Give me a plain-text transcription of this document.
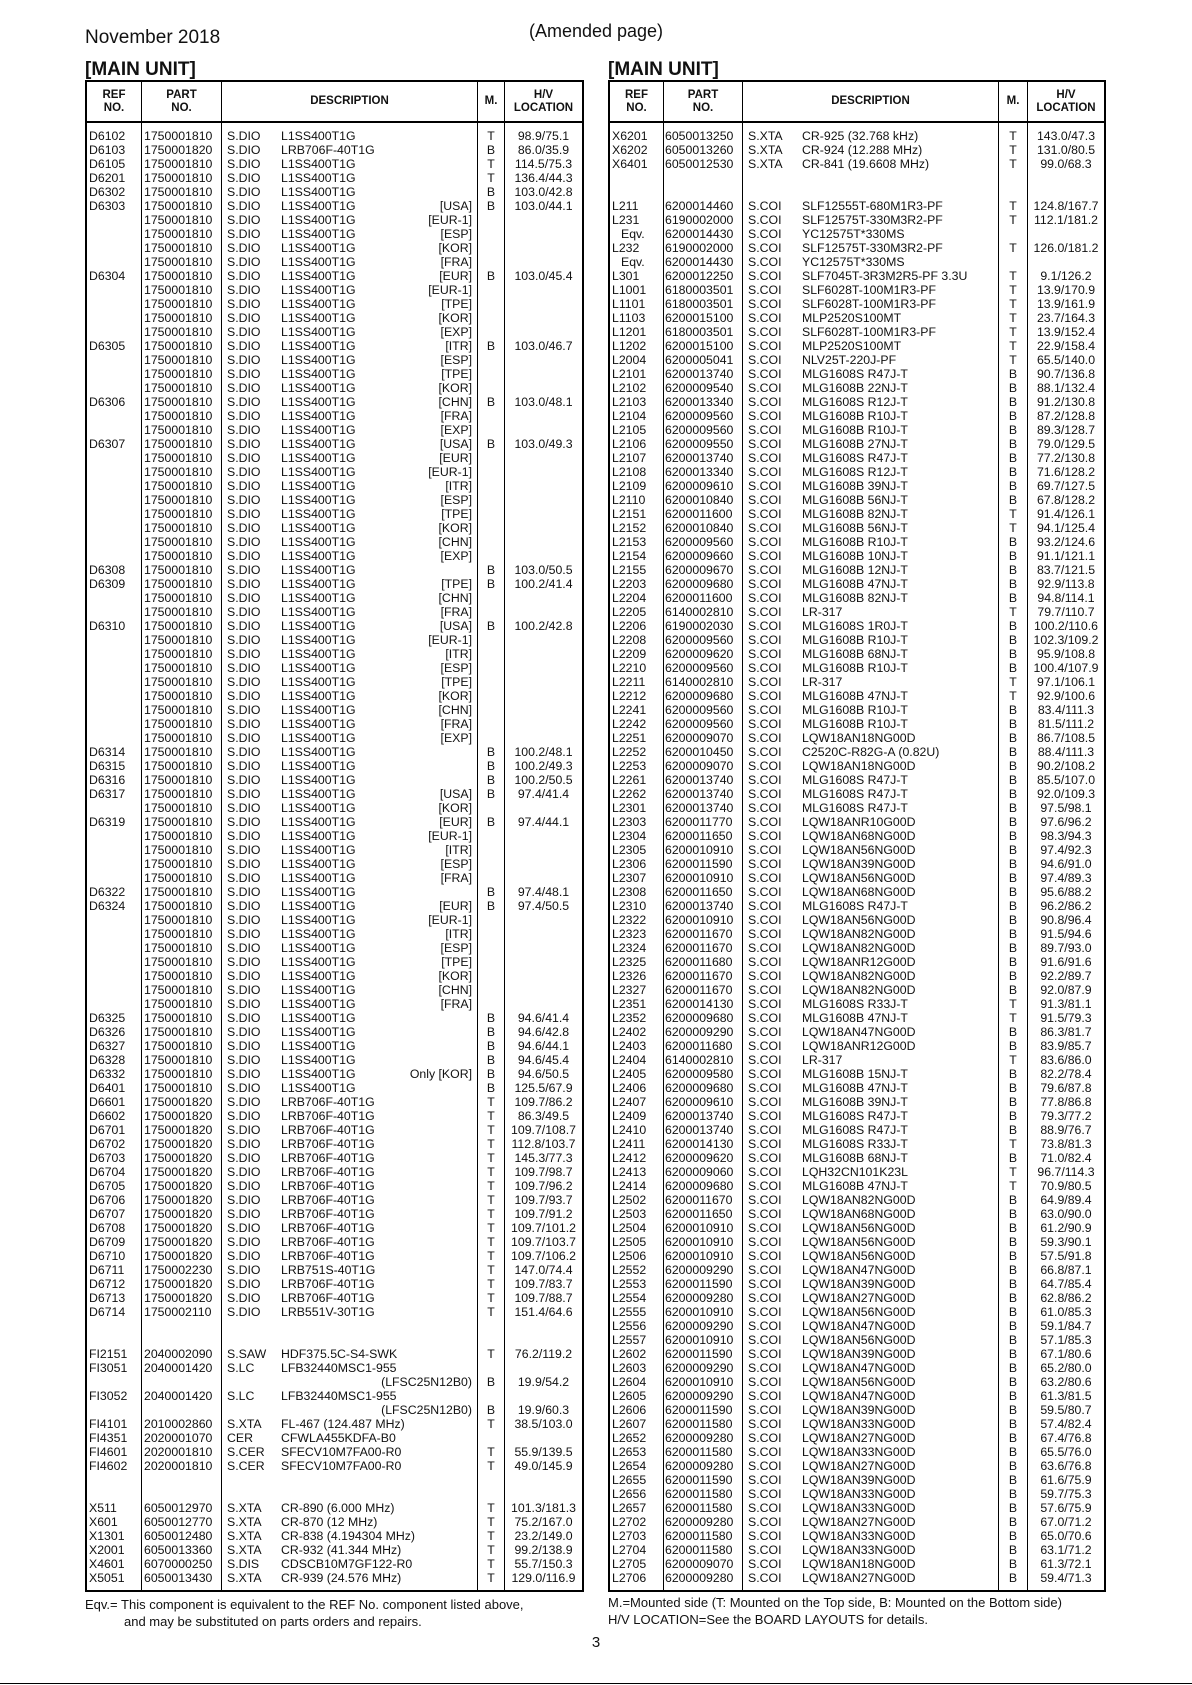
November 2018	(Amended page)
[MAIN UNIT]	[MAIN UNIT]
REF
NO.
PART
NO.
DESCRIPTION	M.
H/V
LOCATION
D6102 1750001810 S.DIO L1SS400T1G	T	98.9/75.1
D6103 1750001820 S.DIO LRB706F-40T1G	B	86.0/35.9
D6105 1750001810 S.DIO L1SS400T1G	T	114.5/75.3
D6201 1750001810 S.DIO L1SS400T1G	T	136.4/44.3
D6302 1750001810 S.DIO L1SS400T1G	B	103.0/42.8
D6303 1750001810 S.DIO L1SS400T1G	[USA]	B	103.0/44.1
1750001810 S.DIO L1SS400T1G	[EUR-1]
1750001810 S.DIO L1SS400T1G	[ESP]
1750001810 S.DIO L1SS400T1G	[KOR]
1750001810 S.DIO L1SS400T1G	[FRA]
D6304 1750001810 S.DIO L1SS400T1G	[EUR]	B	103.0/45.4
1750001810 S.DIO L1SS400T1G	[EUR-1]
1750001810 S.DIO L1SS400T1G	[TPE]
1750001810 S.DIO L1SS400T1G	[KOR]
1750001810 S.DIO L1SS400T1G	[EXP]
D6305 1750001810 S.DIO L1SS400T1G	[ITR]	B	103.0/46.7
1750001810 S.DIO L1SS400T1G	[ESP]
1750001810 S.DIO L1SS400T1G	[TPE]
1750001810 S.DIO L1SS400T1G	[KOR]
D6306 1750001810 S.DIO L1SS400T1G	[CHN]	B	103.0/48.1
1750001810 S.DIO L1SS400T1G	[FRA]
1750001810 S.DIO L1SS400T1G	[EXP]
D6307 1750001810 S.DIO L1SS400T1G	[USA]	B	103.0/49.3
1750001810 S.DIO L1SS400T1G	[EUR]
1750001810 S.DIO L1SS400T1G	[EUR-1]
1750001810 S.DIO L1SS400T1G	[ITR]
1750001810 S.DIO L1SS400T1G	[ESP]
1750001810 S.DIO L1SS400T1G	[TPE]
1750001810 S.DIO L1SS400T1G	[KOR]
1750001810 S.DIO L1SS400T1G	[CHN]
1750001810 S.DIO L1SS400T1G	[EXP]
D6308 1750001810 S.DIO L1SS400T1G	B	103.0/50.5
D6309 1750001810 S.DIO L1SS400T1G	[TPE]	B	100.2/41.4
1750001810 S.DIO L1SS400T1G	[CHN]
1750001810 S.DIO L1SS400T1G	[FRA]
D6310 1750001810 S.DIO L1SS400T1G	[USA]	B	100.2/42.8
1750001810 S.DIO L1SS400T1G	[EUR-1]
1750001810 S.DIO L1SS400T1G	[ITR]
1750001810 S.DIO L1SS400T1G	[ESP]
1750001810 S.DIO L1SS400T1G	[TPE]
1750001810 S.DIO L1SS400T1G	[KOR]
1750001810 S.DIO L1SS400T1G	[CHN]
1750001810 S.DIO L1SS400T1G	[FRA]
1750001810 S.DIO L1SS400T1G	[EXP]
D6314 1750001810 S.DIO L1SS400T1G	B	100.2/48.1
D6315 1750001810 S.DIO L1SS400T1G	B	100.2/49.3
D6316 1750001810 S.DIO L1SS400T1G	B	100.2/50.5
D6317 1750001810 S.DIO L1SS400T1G	[USA]	B	97.4/41.4
1750001810 S.DIO L1SS400T1G	[KOR]
D6319 1750001810 S.DIO L1SS400T1G	[EUR]	B	97.4/44.1
1750001810 S.DIO L1SS400T1G	[EUR-1]
1750001810 S.DIO L1SS400T1G	[ITR]
1750001810 S.DIO L1SS400T1G	[ESP]
1750001810 S.DIO L1SS400T1G	[FRA]
D6322 1750001810 S.DIO L1SS400T1G	B	97.4/48.1
D6324 1750001810 S.DIO L1SS400T1G	[EUR]	B	97.4/50.5
1750001810 S.DIO L1SS400T1G	[EUR-1]
1750001810 S.DIO L1SS400T1G	[ITR]
1750001810 S.DIO L1SS400T1G	[ESP]
1750001810 S.DIO L1SS400T1G	[TPE]
1750001810 S.DIO L1SS400T1G	[KOR]
1750001810 S.DIO L1SS400T1G	[CHN]
1750001810 S.DIO L1SS400T1G	[FRA]
D6325 1750001810 S.DIO L1SS400T1G	B	94.6/41.4
D6326 1750001810 S.DIO L1SS400T1G	B	94.6/42.8
D6327 1750001810 S.DIO L1SS400T1G	B	94.6/44.1
D6328 1750001810 S.DIO L1SS400T1G	B	94.6/45.4
D6332 1750001810 S.DIO L1SS400T1G	Only [KOR]	B	94.6/50.5
D6401 1750001810 S.DIO L1SS400T1G	B	125.5/67.9
D6601 1750001820 S.DIO LRB706F-40T1G	T	109.7/86.2
D6602 1750001820 S.DIO LRB706F-40T1G	T	86.3/49.5
D6701 1750001820 S.DIO LRB706F-40T1G	T	109.7/108.7
D6702 1750001820 S.DIO LRB706F-40T1G	T	112.8/103.7
D6703 1750001820 S.DIO LRB706F-40T1G	T	145.3/77.3
D6704 1750001820 S.DIO LRB706F-40T1G	T	109.7/98.7
D6705 1750001820 S.DIO LRB706F-40T1G	T	109.7/96.2
D6706 1750001820 S.DIO LRB706F-40T1G	T	109.7/93.7
D6707 1750001820 S.DIO LRB706F-40T1G	T	109.7/91.2
D6708 1750001820 S.DIO LRB706F-40T1G	T	109.7/101.2
D6709 1750001820 S.DIO LRB706F-40T1G	T	109.7/103.7
D6710 1750001820 S.DIO LRB706F-40T1G	T	109.7/106.2
D6711 1750002230 S.DIO LRB751S-40T1G	T	147.0/74.4
D6712 1750001820 S.DIO LRB706F-40T1G	T	109.7/83.7
D6713 1750001820 S.DIO LRB706F-40T1G	T	109.7/88.7
D6714 1750002110 S.DIO LRB551V-30T1G	T	151.4/64.6
FI2151 2040002090 S.SAW HDF375.5C-S4-SWK	T	76.2/119.2
FI3051 2040001420 S.LC LFB32440MSC1-955
(LFSC25N12B0)	B	19.9/54.2
FI3052 2040001420 S.LC LFB32440MSC1-955
(LFSC25N12B0)	B	19.9/60.3
FI4101 2010002860 S.XTA FL-467 (124.487 MHz)	T	38.5/103.0
FI4351 2020001070 CER CFWLA455KDFA-B0
FI4601 2020001810 S.CER SFECV10M7FA00-R0	T	55.9/139.5
FI4602 2020001810 S.CER SFECV10M7FA00-R0	T	49.0/145.9
X511 6050012970 S.XTA CR-890 (6.000 MHz)	T	101.3/181.3
X601 6050012770 S.XTA CR-870 (12 MHz)	T	75.2/167.0
X1301 6050012480 S.XTA CR-838 (4.194304 MHz)	T	23.2/149.0
X2001 6050013360 S.XTA CR-932 (41.344 MHz)	T	99.2/138.9
X4601 6070000250 S.DIS CDSCB10M7GF122-R0	T	55.7/150.3
X5051 6050013430 S.XTA CR-939 (24.576 MHz)	T	129.0/116.9
REF
NO.
PART
NO.
DESCRIPTION	M.
H/V
LOCATION
X6201 6050013250 S.XTA CR-925 (32.768 kHz)	T	143.0/47.3
X6202 6050013260 S.XTA CR-924 (12.288 MHz)	T	131.0/80.5
X6401 6050012530 S.XTA CR-841 (19.6608 MHz)	T	99.0/68.3
L211 6200014460 S.COI SLF12555T-680M1R3-PF	T	124.8/167.7
L231 6190002000 S.COI SLF12575T-330M3R2-PF	T	112.1/181.2
Eqv. 6200014430 S.COI YC12575T*330MS
L232 6190002000 S.COI SLF12575T-330M3R2-PF	T	126.0/181.2
Eqv. 6200014430 S.COI YC12575T*330MS
L301 6200012250 S.COI SLF7045T-3R3M2R5-PF 3.3U	T	9.1/126.2
L1001 6180003501 S.COI SLF6028T-100M1R3-PF	T	13.9/170.9
L1101 6180003501 S.COI SLF6028T-100M1R3-PF	T	13.9/161.9
L1103 6200015100 S.COI MLP2520S100MT	T	23.7/164.3
L1201 6180003501 S.COI SLF6028T-100M1R3-PF	T	13.9/152.4
L1202 6200015100 S.COI MLP2520S100MT	T	22.9/158.4
L2004 6200005041 S.COI NLV25T-220J-PF	T	65.5/140.0
L2101 6200013740 S.COI MLG1608S R47J-T	B	90.7/136.8
L2102 6200009540 S.COI MLG1608B 22NJ-T	B	88.1/132.4
L2103 6200013340 S.COI MLG1608S R12J-T	B	91.2/130.8
L2104 6200009560 S.COI MLG1608B R10J-T	B	87.2/128.8
L2105 6200009560 S.COI MLG1608B R10J-T	B	89.3/128.7
L2106 6200009550 S.COI MLG1608B 27NJ-T	B	79.0/129.5
L2107 6200013740 S.COI MLG1608S R47J-T	B	77.2/130.8
L2108 6200013340 S.COI MLG1608S R12J-T	B	71.6/128.2
L2109 6200009610 S.COI MLG1608B 39NJ-T	B	69.7/127.5
L2110 6200010840 S.COI MLG1608B 56NJ-T	B	67.8/128.2
L2151 6200011600 S.COI MLG1608B 82NJ-T	T	91.4/126.1
L2152 6200010840 S.COI MLG1608B 56NJ-T	T	94.1/125.4
L2153 6200009560 S.COI MLG1608B R10J-T	B	93.2/124.6
L2154 6200009660 S.COI MLG1608B 10NJ-T	B	91.1/121.1
L2155 6200009670 S.COI MLG1608B 12NJ-T	B	83.7/121.5
L2203 6200009680 S.COI MLG1608B 47NJ-T	B	92.9/113.8
L2204 6200011600 S.COI MLG1608B 82NJ-T	B	94.8/114.1
L2205 6140002810 S.COI LR-317	T	79.7/110.7
L2206 6190002030 S.COI MLG1608S 1R0J-T	B	100.2/110.6
L2208 6200009560 S.COI MLG1608B R10J-T	B	102.3/109.2
L2209 6200009620 S.COI MLG1608B 68NJ-T	B	95.9/108.8
L2210 6200009560 S.COI MLG1608B R10J-T	B	100.4/107.9
L2211 6140002810 S.COI LR-317	T	97.1/106.1
L2212 6200009680 S.COI MLG1608B 47NJ-T	T	92.9/100.6
L2241 6200009560 S.COI MLG1608B R10J-T	B	83.4/111.3
L2242 6200009560 S.COI MLG1608B R10J-T	B	81.5/111.2
L2251 6200009070 S.COI LQW18AN18NG00D	B	86.7/108.5
L2252 6200010450 S.COI C2520C-R82G-A (0.82U)	B	88.4/111.3
L2253 6200009070 S.COI LQW18AN18NG00D	B	90.2/108.2
L2261 6200013740 S.COI MLG1608S R47J-T	B	85.5/107.0
L2262 6200013740 S.COI MLG1608S R47J-T	B	92.0/109.3
L2301 6200013740 S.COI MLG1608S R47J-T	B	97.5/98.1
L2303 6200011770 S.COI LQW18ANR10G00D	B	97.6/96.2
L2304 6200011650 S.COI LQW18AN68NG00D	B	98.3/94.3
L2305 6200010910 S.COI LQW18AN56NG00D	B	97.4/92.3
L2306 6200011590 S.COI LQW18AN39NG00D	B	94.6/91.0
L2307 6200010910 S.COI LQW18AN56NG00D	B	97.4/89.3
L2308 6200011650 S.COI LQW18AN68NG00D	B	95.6/88.2
L2310 6200013740 S.COI MLG1608S R47J-T	B	96.2/86.2
L2322 6200010910 S.COI LQW18AN56NG00D	B	90.8/96.4
L2323 6200011670 S.COI LQW18AN82NG00D	B	91.5/94.6
L2324 6200011670 S.COI LQW18AN82NG00D	B	89.7/93.0
L2325 6200011680 S.COI LQW18ANR12G00D	B	91.6/91.6
L2326 6200011670 S.COI LQW18AN82NG00D	B	92.2/89.7
L2327 6200011670 S.COI LQW18AN82NG00D	B	92.0/87.9
L2351 6200014130 S.COI MLG1608S R33J-T	T	91.3/81.1
L2352 6200009680 S.COI MLG1608B 47NJ-T	T	91.5/79.3
L2402 6200009290 S.COI LQW18AN47NG00D	B	86.3/81.7
L2403 6200011680 S.COI LQW18ANR12G00D	B	83.9/85.7
L2404 6140002810 S.COI LR-317	T	83.6/86.0
L2405 6200009580 S.COI MLG1608B 15NJ-T	B	82.2/78.4
L2406 6200009680 S.COI MLG1608B 47NJ-T	B	79.6/87.8
L2407 6200009610 S.COI MLG1608B 39NJ-T	B	77.8/86.8
L2409 6200013740 S.COI MLG1608S R47J-T	B	79.3/77.2
L2410 6200013740 S.COI MLG1608S R47J-T	B	88.9/76.7
L2411 6200014130 S.COI MLG1608S R33J-T	T	73.8/81.3
L2412 6200009620 S.COI MLG1608B 68NJ-T	B	71.0/82.4
L2413 6200009060 S.COI LQH32CN101K23L	T	96.7/114.3
L2414 6200009680 S.COI MLG1608B 47NJ-T	T	70.9/80.5
L2502 6200011670 S.COI LQW18AN82NG00D	B	64.9/89.4
L2503 6200011650 S.COI LQW18AN68NG00D	B	63.0/90.0
L2504 6200010910 S.COI LQW18AN56NG00D	B	61.2/90.9
L2505 6200010910 S.COI LQW18AN56NG00D	B	59.3/90.1
L2506 6200010910 S.COI LQW18AN56NG00D	B	57.5/91.8
L2552 6200009290 S.COI LQW18AN47NG00D	B	66.8/87.1
L2553 6200011590 S.COI LQW18AN39NG00D	B	64.7/85.4
L2554 6200009280 S.COI LQW18AN27NG00D	B	62.8/86.2
L2555 6200010910 S.COI LQW18AN56NG00D	B	61.0/85.3
L2556 6200009290 S.COI LQW18AN47NG00D	B	59.1/84.7
L2557 6200010910 S.COI LQW18AN56NG00D	B	57.1/85.3
L2602 6200011590 S.COI LQW18AN39NG00D	B	67.1/80.6
L2603 6200009290 S.COI LQW18AN47NG00D	B	65.2/80.0
L2604 6200010910 S.COI LQW18AN56NG00D	B	63.2/80.6
L2605 6200009290 S.COI LQW18AN47NG00D	B	61.3/81.5
L2606 6200011590 S.COI LQW18AN39NG00D	B	59.5/80.7
L2607 6200011580 S.COI LQW18AN33NG00D	B	57.4/82.4
L2652 6200009280 S.COI LQW18AN27NG00D	B	67.4/76.8
L2653 6200011580 S.COI LQW18AN33NG00D	B	65.5/76.0
L2654 6200009280 S.COI LQW18AN27NG00D	B	63.6/76.8
L2655 6200011590 S.COI LQW18AN39NG00D	B	61.6/75.9
L2656 6200011580 S.COI LQW18AN33NG00D	B	59.7/75.3
L2657 6200011580 S.COI LQW18AN33NG00D	B	57.6/75.9
L2702 6200009280 S.COI LQW18AN27NG00D	B	67.0/71.2
L2703 6200011580 S.COI LQW18AN33NG00D	B	65.0/70.6
L2704 6200011580 S.COI LQW18AN33NG00D	B	63.1/71.2
L2705 6200009070 S.COI LQW18AN18NG00D	B	61.3/72.1
L2706 6200009280 S.COI LQW18AN27NG00D	B	59.4/71.3
Eqv.= This component is equivalent to the REF No. component listed above,
and may be substituted on parts orders and repairs.
M.=Mounted side (T: Mounted on the Top side, B: Mounted on the Bottom side)
H/V LOCATION=See the BOARD LAYOUTS for details.
3
